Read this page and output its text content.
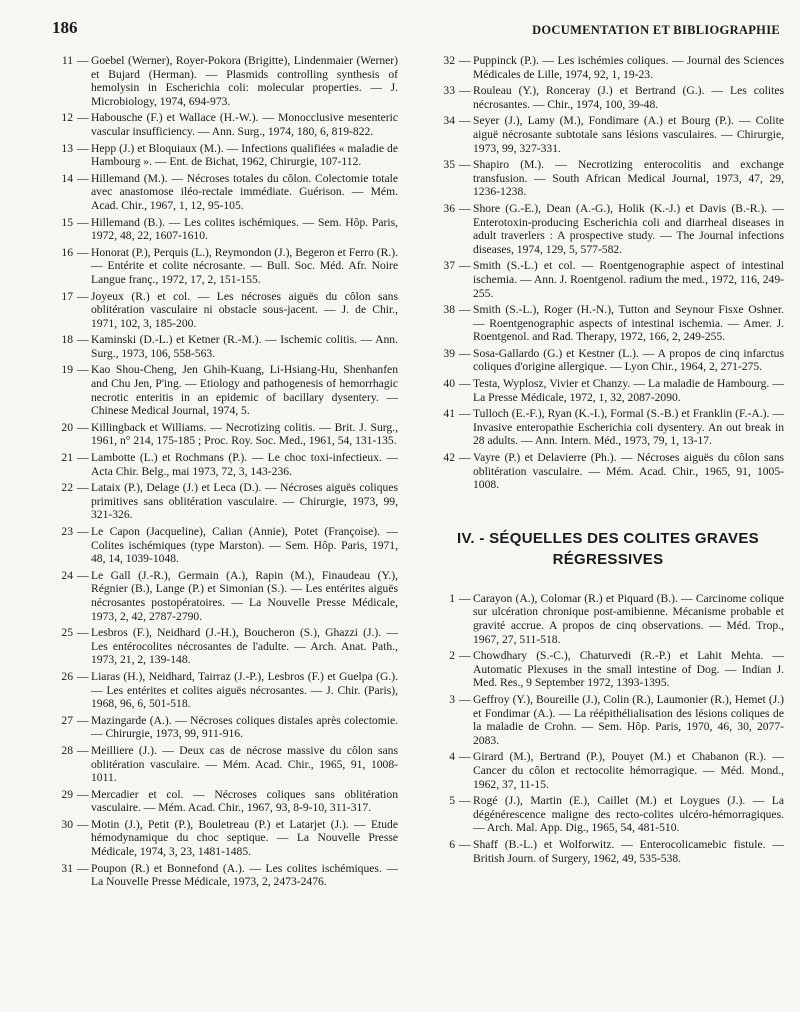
186	DOCUMENTATION ET BIBLIOGRAPHIE
11 — Goebel (Werner), Royer-Pokora (Brigitte), Lindenmaier (Werner) et Bujard (Herman). — Plasmids controlling synthesis of hemolysin in Escherichia coli: molecular properties. — J. Microbiology, 1974, 694-973.
12 — Habousche (F.) et Wallace (H.-W.). — Monocclusive mesenteric vascular insufficiency. — Ann. Surg., 1974, 180, 6, 819-822.
13 — Hepp (J.) et Bloquiaux (M.). — Infections qualifiées « maladie de Hambourg ». — Ent. de Bichat, 1962, Chirurgie, 107-112.
14 — Hillemand (M.). — Nécroses totales du côlon. Colectomie totale avec anastomose iléo-rectale immédiate. Guérison. — Mém. Acad. Chir., 1967, 1, 12, 95-105.
15 — Hillemand (B.). — Les colites ischémiques. — Sem. Hôp. Paris, 1972, 48, 22, 1607-1610.
16 — Honorat (P.), Perquis (L.), Reymondon (J.), Begeron et Ferro (R.). — Entérite et colite nécrosante. — Bull. Soc. Méd. Afr. Noire Langue franç., 1972, 17, 2, 151-155.
17 — Joyeux (R.) et col. — Les nécroses aiguës du côlon sans oblitération vasculaire ni obstacle sous-jacent. — J. de Chir., 1971, 102, 3, 185-200.
18 — Kaminski (D.-L.) et Ketner (R.-M.). — Ischemic colitis. — Ann. Surg., 1973, 106, 558-563.
19 — Kao Shou-Cheng, Jen Ghih-Kuang, Li-Hsiang-Hu, Shenhanfen and Chu Jen, P'ing. — Etiology and pathogenesis of hemorrhagic necrotic enteritis in an epidemic of bacillary dysentery. — Chinese Medical Journal, 1974, 5.
20 — Killingback et Williams. — Necrotizing colitis. — Brit. J. Surg., 1961, n° 214, 175-185 ; Proc. Roy. Soc. Med., 1961, 54, 131-135.
21 — Lambotte (L.) et Rochmans (P.). — Le choc toxi-infectieux. — Acta Chir. Belg., mai 1973, 72, 3, 143-236.
22 — Lataix (P.), Delage (J.) et Leca (D.). — Nécroses aiguës coliques primitives sans oblitération vasculaire. — Chirurgie, 1973, 99, 321-326.
23 — Le Capon (Jacqueline), Calian (Annie), Potet (Françoise). — Colites ischémiques (type Marston). — Sem. Hôp. Paris, 1971, 48, 14, 1039-1048.
24 — Le Gall (J.-R.), Germain (A.), Rapin (M.), Finaudeau (Y.), Régnier (B.), Lange (P.) et Simonian (S.). — Les entérites aiguës nécrosantes postopératoires. — La Nouvelle Presse Médicale, 1973, 2, 42, 2787-2790.
25 — Lesbros (F.), Neidhard (J.-H.), Boucheron (S.), Ghazzi (J.). — Les entérocolites nécrosantes de l'adulte. — Arch. Anat. Path., 1973, 21, 2, 139-148.
26 — Liaras (H.), Neidhard, Tairraz (J.-P.), Lesbros (F.) et Guelpa (G.). — Les entérites et colites aiguës nécrosantes. — J. Chir. (Paris), 1968, 96, 6, 501-518.
27 — Mazingarde (A.). — Nécroses coliques distales après colectomie. — Chirurgie, 1973, 99, 911-916.
28 — Meilliere (J.). — Deux cas de nécrose massive du côlon sans oblitération vasculaire. — Mém. Acad. Chir., 1965, 91, 1008-1011.
29 — Mercadier et col. — Nécroses coliques sans oblitération vasculaire. — Mém. Acad. Chir., 1967, 93, 8-9-10, 311-317.
30 — Motin (J.), Petit (P.), Bouletreau (P.) et Latarjet (J.). — Etude hémodynamique du choc septique. — La Nouvelle Presse Médicale, 1974, 3, 23, 1481-1485.
31 — Poupon (R.) et Bonnefond (A.). — Les colites ischémiques. — La Nouvelle Presse Médicale, 1973, 2, 2473-2476.
32 — Puppinck (P.). — Les ischémies coliques. — Journal des Sciences Médicales de Lille, 1974, 92, 1, 19-23.
33 — Rouleau (Y.), Ronceray (J.) et Bertrand (G.). — Les colites nécrosantes. — Chir., 1974, 100, 39-48.
34 — Seyer (J.), Lamy (M.), Fondimare (A.) et Bourg (P.). — Colite aiguë nécrosante subtotale sans lésions vasculaires. — Chirurgie, 1973, 99, 327-331.
35 — Shapiro (M.). — Necrotizing enterocolitis and exchange transfusion. — South African Medical Journal, 1973, 47, 29, 1236-1238.
36 — Shore (G.-E.), Dean (A.-G.), Holik (K.-J.) et Davis (B.-R.). — Enterotoxin-producing Escherichia coli and diarrheal diseases in adult traverlers : A prospective study. — The Journal infections diseases, 1974, 129, 5, 577-582.
37 — Smith (S.-L.) et col. — Roentgenographie aspect of intestinal ischemia. — Ann. J. Roentgenol. radium the med., 1972, 116, 249-255.
38 — Smith (S.-L.), Roger (H.-N.), Tutton and Seynour Fisxe Oshner. — Roentgenographic aspects of intestinal ischemia. — Amer. J. Roentgenol. and Rad. Therapy, 1972, 166, 2, 249-255.
39 — Sosa-Gallardo (G.) et Kestner (L.). — A propos de cinq infarctus coliques d'origine allergique. — Lyon Chir., 1964, 2, 271-275.
40 — Testa, Wyplosz, Vivier et Chanzy. — La maladie de Hambourg. — La Presse Médicale, 1972, 1, 32, 2087-2090.
41 — Tulloch (E.-F.), Ryan (K.-I.), Formal (S.-B.) et Franklin (F.-A.). — Invasive enteropathie Escherichia coli dysentery. An out break in 28 adults. — Ann. Intern. Méd., 1973, 79, 1, 13-17.
42 — Vayre (P.) et Delavierre (Ph.). — Nécroses aiguës du côlon sans oblitération vasculaire. — Mém. Acad. Chir., 1965, 91, 1005-1008.
IV. - SÉQUELLES DES COLITES GRAVES
RÉGRESSIVES
1 — Carayon (A.), Colomar (R.) et Piquard (B.). — Carcinome colique sur ulcération chronique post-amibienne. Mécanisme probable et gravité accrue. A propos de cinq observations. — Méd. Trop., 1967, 27, 511-518.
2 — Chowdhary (S.-C.), Chaturvedi (R.-P.) et Lahit Mehta. — Automatic Plexuses in the small intestine of Dog. — Indian J. Med. Res., 9 September 1972, 1393-1395.
3 — Geffroy (Y.), Boureille (J.), Colin (R.), Laumonier (R.), Hemet (J.) et Fondimar (A.). — La réépithélialisation des lésions coliques de la maladie de Crohn. — Sem. Hôp. Paris, 1970, 46, 30, 2077-2083.
4 — Girard (M.), Bertrand (P.), Pouyet (M.) et Chabanon (R.). — Cancer du côlon et rectocolite hémorragique. — Méd. Mond., 1962, 37, 11-15.
5 — Rogé (J.), Martin (E.), Caillet (M.) et Loygues (J.). — La dégénérescence maligne des recto-colites ulcéro-hémorragiques. — Arch. Mal. App. Dig., 1965, 54, 481-510.
6 — Shaff (B.-L.) et Wolforwitz. — Enterocolicamebic fistule. — British Journ. of Surgery, 1962, 49, 535-538.
